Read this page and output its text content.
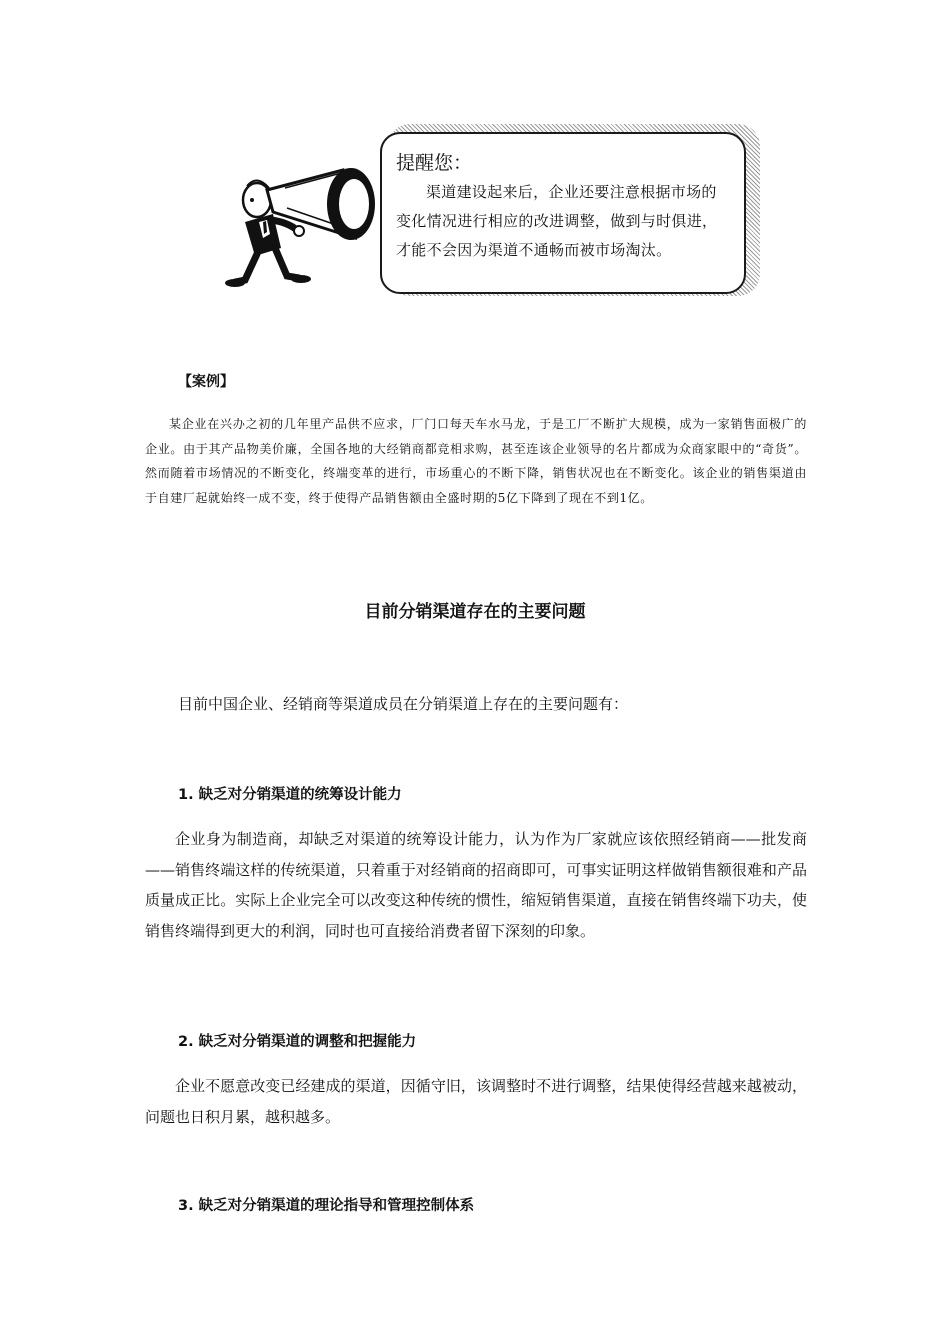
提醒您：

渠道建设起来后，企业还要注意根据市场的变化情况进行相应的改进调整，做到与时俱进，才能不会因为渠道不通畅而被市场淘汰。

【案例】

某企业在兴办之初的几年里产品供不应求，厂门口每天车水马龙，于是工厂不断扩大规模，成为一家销售面极广的企业。由于其产品物美价廉，全国各地的大经销商都竞相求购，甚至连该企业领导的名片都成为众商家眼中的“奇货”。然而随着市场情况的不断变化，终端变革的进行，市场重心的不断下降，销售状况也在不断变化。该企业的销售渠道由于自建厂起就始终一成不变，终于使得产品销售额由全盛时期的5亿下降到了现在不到1亿。

目前分销渠道存在的主要问题

目前中国企业、经销商等渠道成员在分销渠道上存在的主要问题有：

1. 缺乏对分销渠道的统筹设计能力

企业身为制造商，却缺乏对渠道的统筹设计能力，认为作为厂家就应该依照经销商——批发商——销售终端这样的传统渠道，只着重于对经销商的招商即可，可事实证明这样做销售额很难和产品质量成正比。实际上企业完全可以改变这种传统的惯性，缩短销售渠道，直接在销售终端下功夫，使销售终端得到更大的利润，同时也可直接给消费者留下深刻的印象。

2. 缺乏对分销渠道的调整和把握能力

企业不愿意改变已经建成的渠道，因循守旧，该调整时不进行调整，结果使得经营越来越被动，问题也日积月累，越积越多。

3. 缺乏对分销渠道的理论指导和管理控制体系
